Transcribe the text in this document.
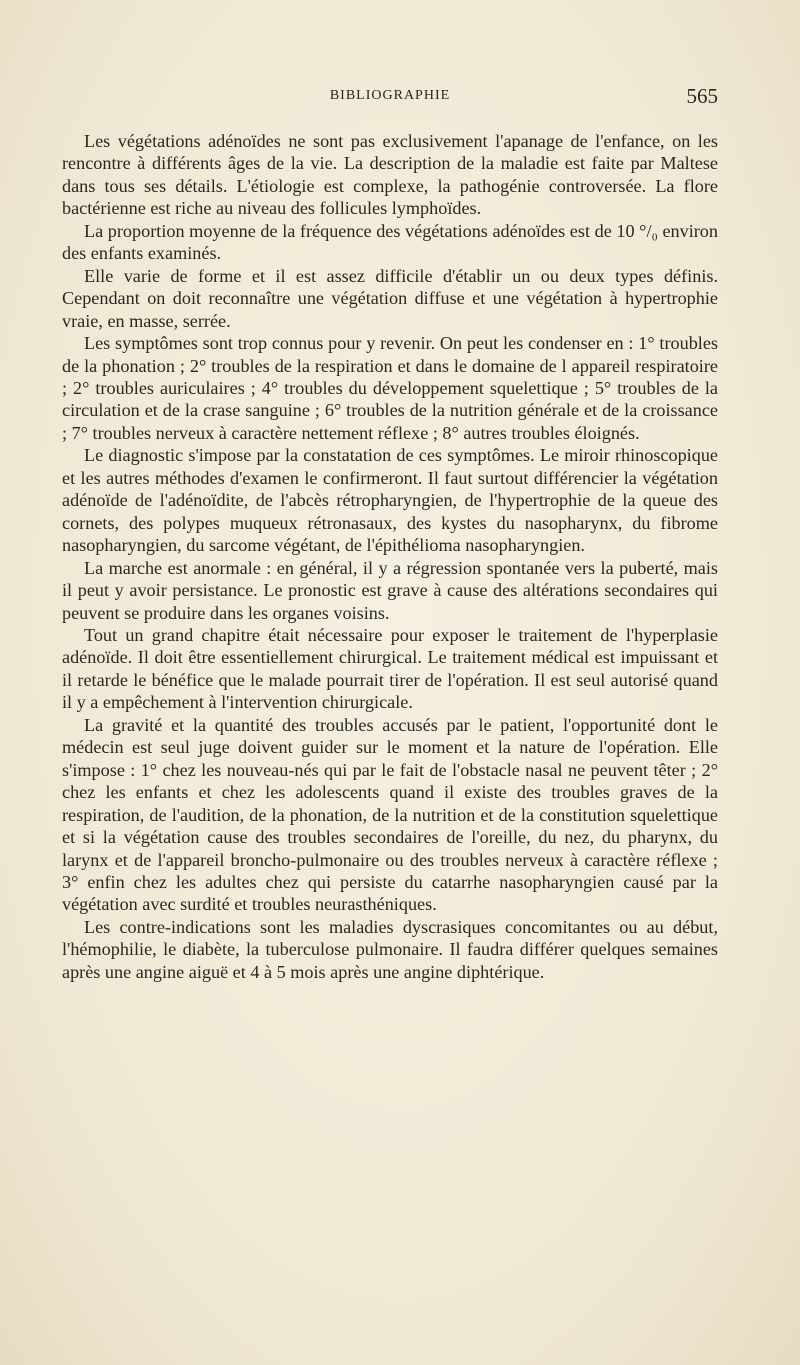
BIBLIOGRAPHIE	565

Les végétations adénoïdes ne sont pas exclusivement l'apanage de l'enfance, on les rencontre à différents âges de la vie. La description de la maladie est faite par Maltese dans tous ses détails. L'étiologie est complexe, la pathogénie controversée. La flore bactérienne est riche au niveau des follicules lymphoïdes.

La proportion moyenne de la fréquence des végétations adénoïdes est de 10 °/₀ environ des enfants examinés.

Elle varie de forme et il est assez difficile d'établir un ou deux types définis. Cependant on doit reconnaître une végétation diffuse et une végétation à hypertrophie vraie, en masse, serrée.

Les symptômes sont trop connus pour y revenir. On peut les condenser en : 1° troubles de la phonation ; 2° troubles de la respiration et dans le domaine de l appareil respiratoire ; 2° troubles auriculaires ; 4° troubles du développement squelettique ; 5° troubles de la circulation et de la crase sanguine ; 6° troubles de la nutrition générale et de la croissance ; 7° troubles nerveux à caractère nettement réflexe ; 8° autres troubles éloignés.

Le diagnostic s'impose par la constatation de ces symptômes. Le miroir rhinoscopique et les autres méthodes d'examen le confirmeront. Il faut surtout différencier la végétation adénoïde de l'adénoïdite, de l'abcès rétropharyngien, de l'hypertrophie de la queue des cornets, des polypes muqueux rétronasaux, des kystes du nasopharynx, du fibrome nasopharyngien, du sarcome végétant, de l'épithélioma nasopharyngien.

La marche est anormale : en général, il y a régression spontanée vers la puberté, mais il peut y avoir persistance. Le pronostic est grave à cause des altérations secondaires qui peuvent se produire dans les organes voisins.

Tout un grand chapitre était nécessaire pour exposer le traitement de l'hyperplasie adénoïde. Il doit être essentiellement chirurgical. Le traitement médical est impuissant et il retarde le bénéfice que le malade pourrait tirer de l'opération. Il est seul autorisé quand il y a empêchement à l'intervention chirurgicale.

La gravité et la quantité des troubles accusés par le patient, l'opportunité dont le médecin est seul juge doivent guider sur le moment et la nature de l'opération. Elle s'impose : 1° chez les nouveau-nés qui par le fait de l'obstacle nasal ne peuvent têter ; 2° chez les enfants et chez les adolescents quand il existe des troubles graves de la respiration, de l'audition, de la phonation, de la nutrition et de la constitution squelettique et si la végétation cause des troubles secondaires de l'oreille, du nez, du pharynx, du larynx et de l'appareil broncho-pulmonaire ou des troubles nerveux à caractère réflexe ; 3° enfin chez les adultes chez qui persiste du catarrhe nasopharyngien causé par la végétation avec surdité et troubles neurasthéniques.

Les contre-indications sont les maladies dyscrasiques concomitantes ou au début, l'hémophilie, le diabète, la tuberculose pulmonaire. Il faudra différer quelques semaines après une angine aiguë et 4 à 5 mois après une angine diphtérique.
